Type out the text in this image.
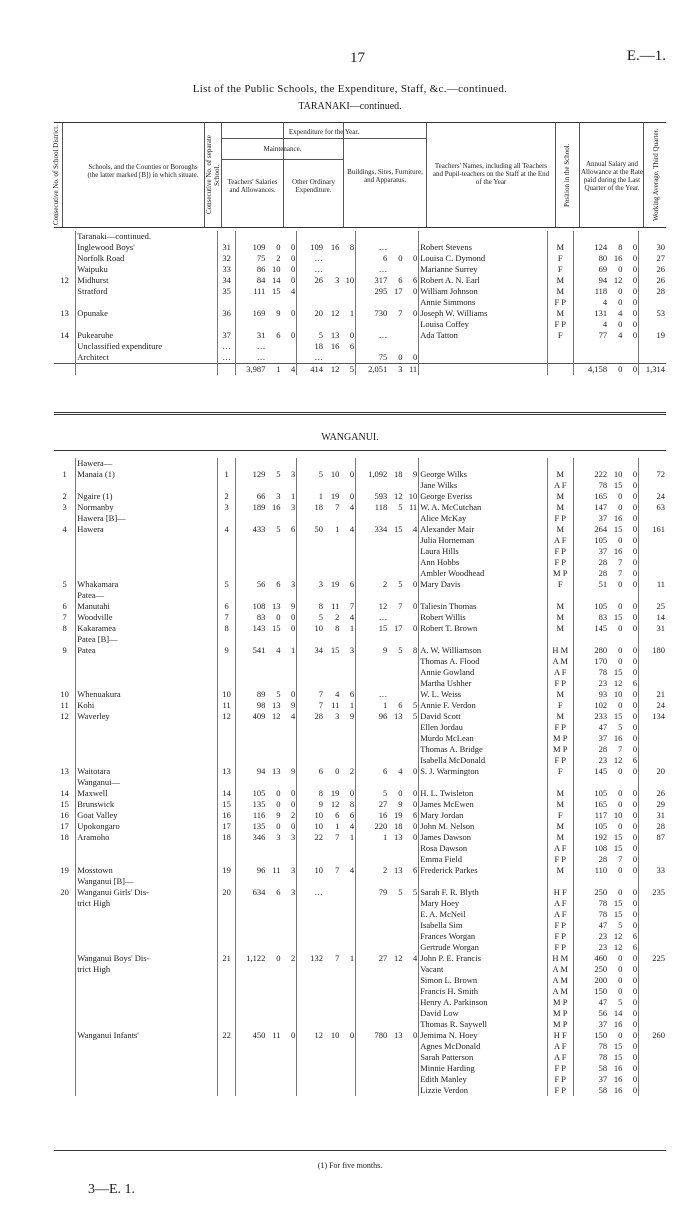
17	E.—1.
List of the Public Schools, the Expenditure, Staff, &c.—continued.
TARANAKI—continued.
Consecutive No. of School District.	Schools, and the Counties or Boroughs (the latter marked [B]) in which situate. Consecutive No. of separate School.
Expenditure for the Year.
Maintenance.
Teachers' Salaries and Allowances.
Other Ordinary Expenditure.
Buildings, Sites, Furniture, and Apparatus.
Teachers' Names, including all Teachers and Pupil-teachers on the Staff at the End of the Year	Position in the School.	Annual Salary and Allowance at the Rate paid during the Last Quarter of the Year.	Working Average, Third Quarter.
	Taranaki—continued.																
	Inglewood Boys'	31	109	0	0	109	16	8	…			Robert Stevens	M	124	8	0	30
	Norfolk Road	32	75	2	0	…			6	0	0	Louisa C. Dymond	F	80	16	0	27
	Waipuku	33	86	10	0	…			…			Marianne Surrey	F	69	0	0	26
12	Midhurst	34	84	14	0	26	3	10	317	6	6	Robert A. N. Earl	M	94	12	0	26
	Stratford	35	111	15	4				295	17	0	William Johnson	M	118	0	0	28
												Annie Simmons	F P	4	0	0	
13	Opunake	36	169	9	0	20	12	1	730	7	0	Joseph W. Williams	M	131	4	0	53
												Louisa Coffey	F P	4	0	0	
14	Pukearuhe	37	31	6	0	5	13	0	…			Ada Tatton	F	77	4	0	19
	Unclassified expenditure	…	…			18	16	6									
	Architect	…	…			…			75	0	0						
			3,987	1	4	414	12	5	2,051	3	11			4,158	0	0	1,314
WANGANUI.
	Hawera—																
1	Manaia (1)	1	129	5	3	5	10	0	1,092	18	9	George Wilks	M	222	10	0	72
												Jane Wilks	A F	78	15	0	
2	Ngaire (1)	2	66	3	1	1	19	0	593	12	10	George Everiss	M	165	0	0	24
3	Normanby	3	189	16	3	18	7	4	118	5	11	W. A. McCutchan	M	147	0	0	63
	Hawera [B]—											Alice McKay	F P	37	16	0	
4	Hawera	4	433	5	6	50	1	4	334	15	4	Alexander Mair	M	264	15	0	161
												Julia Horneman	A F	105	0	0	
												Laura Hills	F P	37	16	0	
												Ann Hobbs	F P	28	7	0	
												Ambler Woodhead	M P	28	7	0	
5	Whakamara	5	56	6	3	3	19	6	2	5	0	Mary Davis	F	51	0	0	11
	Patea—																
6	Manutahi	6	108	13	9	8	11	7	12	7	0	Taliesin Thomas	M	105	0	0	25
7	Woodville	7	83	0	0	5	2	4	…			Robert Willis	M	83	15	0	14
8	Kakaramea	8	143	15	0	10	8	1	15	17	0	Robert T. Brown	M	145	0	0	31
	Patea [B]—																
9	Patea	9	541	4	1	34	15	3	9	5	8	A. W. Williamson	H M	280	0	0	180
												Thomas A. Flood	A M	170	0	0	
												Annie Gowland	A F	78	15	0	
												Martha Ushher	F P	23	12	6	
10	Whenuakura	10	89	5	0	7	4	6	…			W. L. Weiss	M	93	10	0	21
11	Kohi	11	98	13	9	7	11	1	1	6	5	Annie F. Verdon	F	102	0	0	24
12	Waverley	12	409	12	4	28	3	9	96	13	5	David Scott	M	233	15	0	134
												Ellen Jordau	F P	47	5	0	
												Murdo McLean	M P	37	16	0	
												Thomas A. Bridge	M P	28	7	0	
												Isabella McDonald	F P	23	12	6	
13	Waitotara	13	94	13	9	6	0	2	6	4	0	S. J. Warmington	F	145	0	0	20
	Wanganui—																
14	Maxwell	14	105	0	0	8	19	0	5	0	0	H. L. Twisleton	M	105	0	0	26
15	Brunswick	15	135	0	0	9	12	8	27	9	0	James McEwen	M	165	0	0	29
16	Goat Valley	16	116	9	2	10	6	6	16	19	6	Mary Jordan	F	117	10	0	31
17	Upokongaro	17	135	0	0	10	1	4	220	18	0	John M. Nelson	M	105	0	0	28
18	Aramoho	18	346	3	3	22	7	1	1	13	0	James Dawson	M	192	15	0	87
												Rosa Dawson	A F	108	15	0	
												Emma Field	F P	28	7	0	
19	Mosstown	19	96	11	3	10	7	4	2	13	6	Frederick Parkes	M	110	0	0	33
	Wanganui [B]—																
20	Wanganui Girls' Dis-	20	634	6	3	…			79	5	5	Sarah F. R. Blyth	H F	250	0	0	235
	trict High											Mary Hoey	A F	78	15	0	
												E. A. McNeil	A F	78	15	0	
												Isabella Sim	F P	47	5	0	
												Frances Worgan	F P	23	12	6	
												Gertrude Worgan	F P	23	12	6	
	Wanganui Boys' Dis-	21	1,122	0	2	132	7	1	27	12	4	John P. E. Francis	H M	460	0	0	225
	trict High											Vacant	A M	250	0	0	
												Simon L. Brown	A M	200	0	0	
												Francis H. Smith	A M	150	0	0	
												Henry A. Parkinson	M P	47	5	0	
												David Low	M P	56	14	0	
												Thomas R. Saywell	M P	37	16	0	
	Wanganui Infants'	22	450	11	0	12	10	0	780	13	0	Jemima N. Hoey	H F	150	0	0	260
												Agnes McDonald	A F	78	15	0	
												Sarah Patterson	A F	78	15	0	
												Minnie Harding	F P	58	16	0	
												Edith Manley	F P	37	16	0	
												Lizzie Verdon	F P	58	16	0	
(1) For five months.
3—E. 1.
